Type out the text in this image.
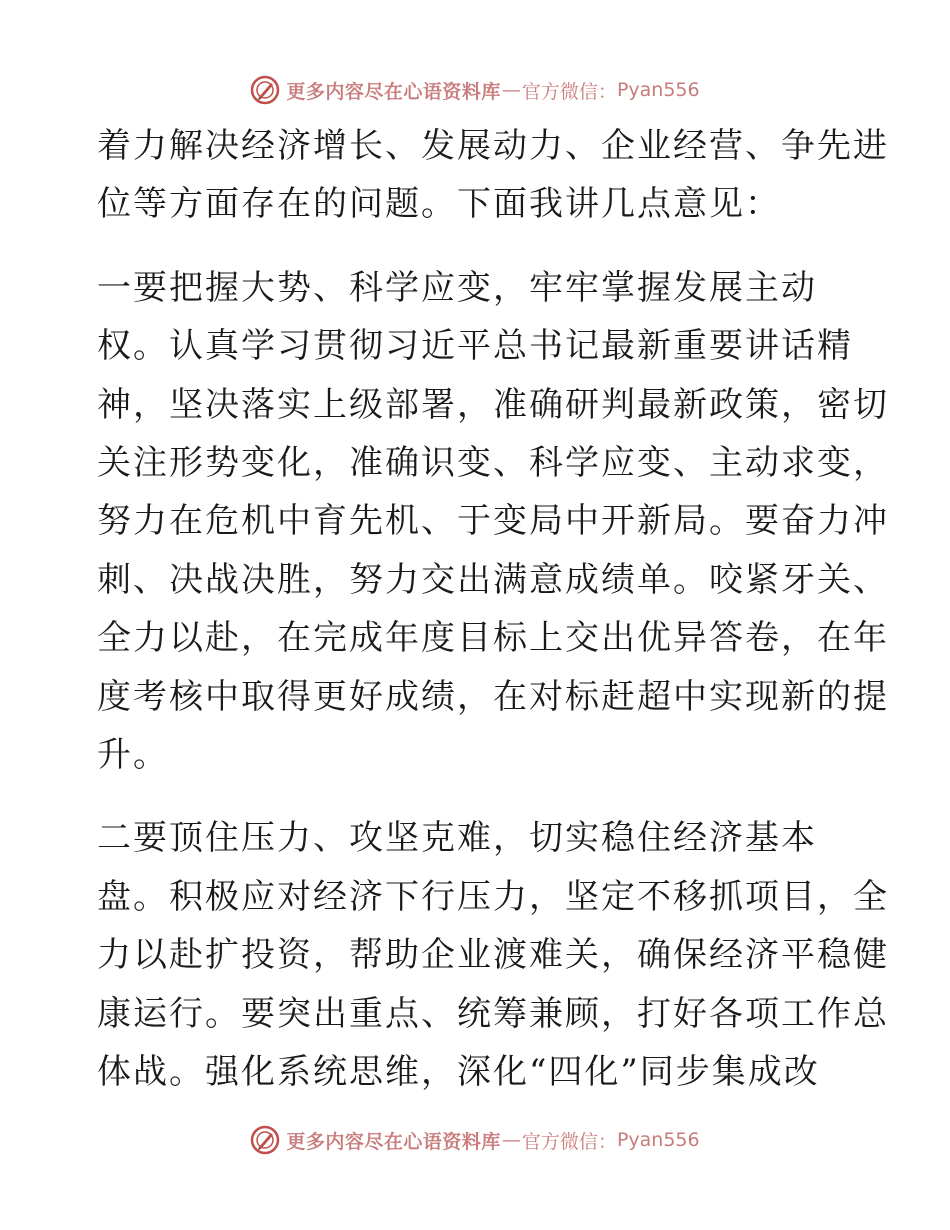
更多内容尽在心语资料库 — 官方微信： Pyan556
着力解决经济增长、发展动力、企业经营、争先进
位等方面存在的问题。下面我讲几点意见：
一要把握大势、科学应变，牢牢掌握发展主动
权。认真学习贯彻习近平总书记最新重要讲话精
神，坚决落实上级部署，准确研判最新政策，密切
关注形势变化，准确识变、科学应变、主动求变，
努力在危机中育先机、于变局中开新局。要奋力冲
刺、决战决胜，努力交出满意成绩单。咬紧牙关、
全力以赴，在完成年度目标上交出优异答卷，在年
度考核中取得更好成绩，在对标赶超中实现新的提
升。
二要顶住压力、攻坚克难，切实稳住经济基本
盘。积极应对经济下行压力，坚定不移抓项目，全
力以赴扩投资，帮助企业渡难关，确保经济平稳健
康运行。要突出重点、统筹兼顾，打好各项工作总
体战。强化系统思维，深化“四化”同步集成改
更多内容尽在心语资料库 — 官方微信： Pyan556
